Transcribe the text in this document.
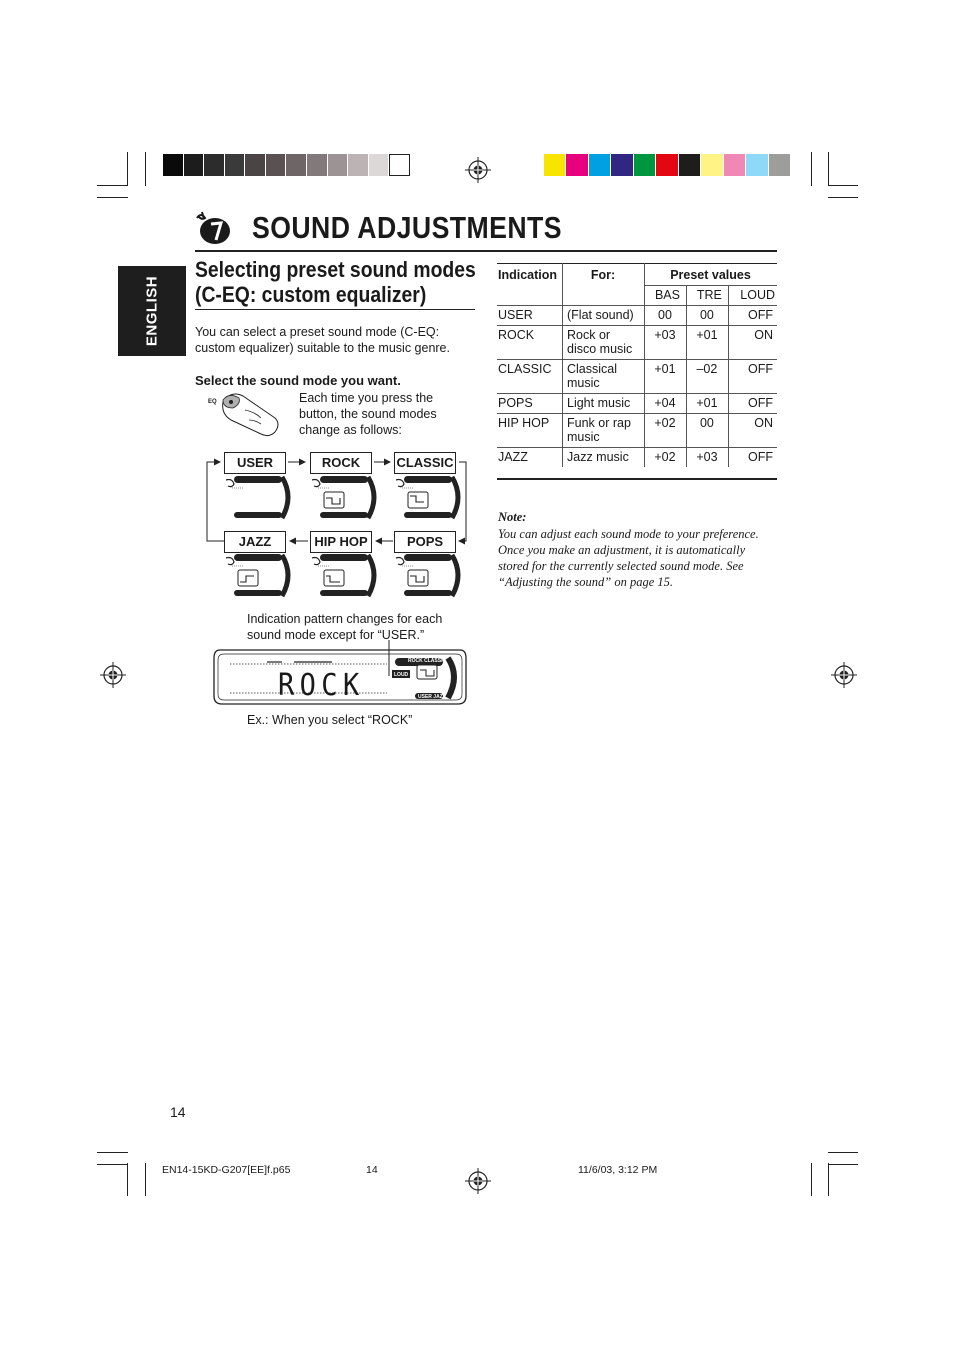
SOUND ADJUSTMENTS
ENGLISH
Selecting preset sound modes
(C-EQ: custom equalizer)
You can select a preset sound mode (C-EQ: custom equalizer) suitable to the music genre.
Select the sound mode you want.
EQ	Each time you press the
button, the sound modes
change as follows:
USER	ROCK	CLASSIC
JAZZ	HIP HOP	POPS
Indication pattern changes for each
sound mode except for “USER.”
EQ
ROCK
ROCK CLASSIC
LOUD
USER JAZZ
Ex.: When you select “ROCK”
Indication	For:	Preset values		
		BAS	TRE	LOUD
USER	(Flat sound)	00	00	OFF
ROCK	Rock or disco music	+03	+01	ON
CLASSIC	Classical music	+01	–02	OFF
POPS	Light music	+04	+01	OFF
HIP HOP	Funk or rap music	+02	00	ON
JAZZ	Jazz music	+02	+03	OFF
Note:
You can adjust each sound mode to your preference. Once you make an adjustment, it is automatically stored for the currently selected sound mode. See “Adjusting the sound” on page 15.
14
EN14-15KD-G207[EE]f.p65	14	11/6/03, 3:12 PM
